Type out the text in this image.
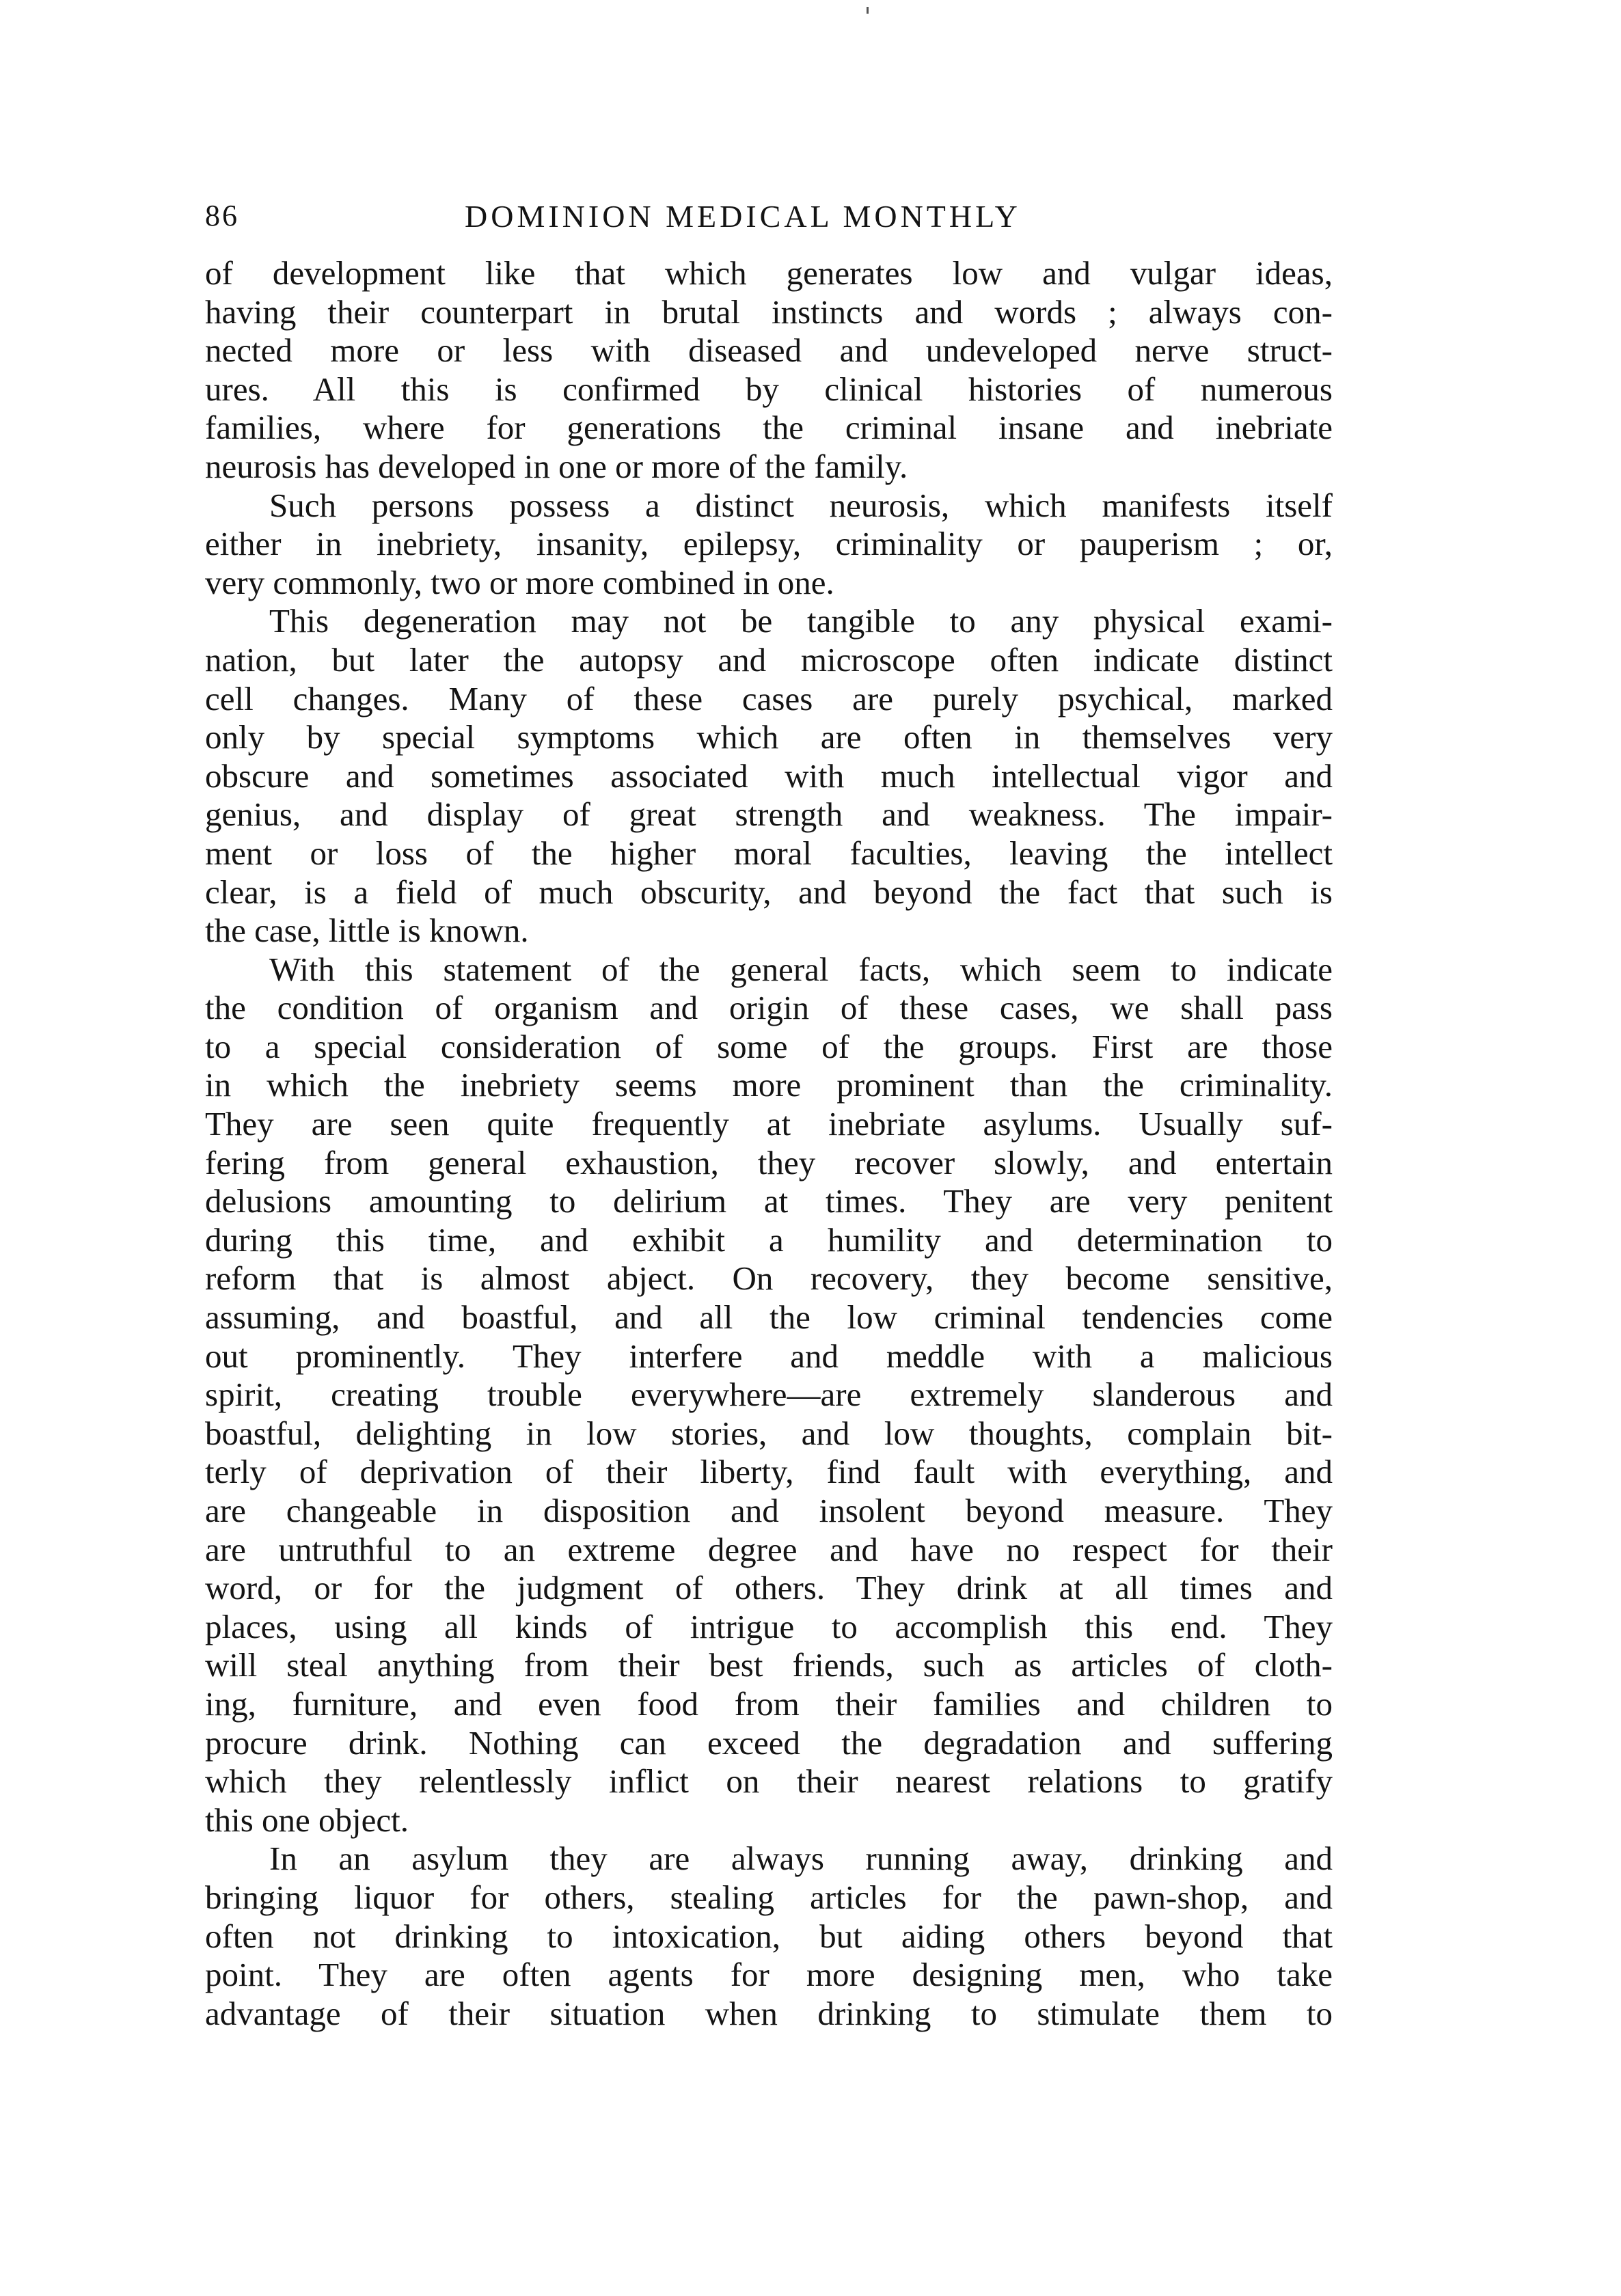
86	DOMINION MEDICAL MONTHLY
of development like that which generates low and vulgar ideas,
having their counterpart in brutal instincts and words ; always con-
nected more or less with diseased and undeveloped nerve struct-
ures. All this is confirmed by clinical histories of numerous
families, where for generations the criminal insane and inebriate
neurosis has developed in one or more of the family.
Such persons possess a distinct neurosis, which manifests itself
either in inebriety, insanity, epilepsy, criminality or pauperism ; or,
very commonly, two or more combined in one.
This degeneration may not be tangible to any physical exami-
nation, but later the autopsy and microscope often indicate distinct
cell changes. Many of these cases are purely psychical, marked
only by special symptoms which are often in themselves very
obscure and sometimes associated with much intellectual vigor and
genius, and display of great strength and weakness. The impair-
ment or loss of the higher moral faculties, leaving the intellect
clear, is a field of much obscurity, and beyond the fact that such is
the case, little is known.
With this statement of the general facts, which seem to indicate
the condition of organism and origin of these cases, we shall pass
to a special consideration of some of the groups. First are those
in which the inebriety seems more prominent than the criminality.
They are seen quite frequently at inebriate asylums. Usually suf-
fering from general exhaustion, they recover slowly, and entertain
delusions amounting to delirium at times. They are very penitent
during this time, and exhibit a humility and determination to
reform that is almost abject. On recovery, they become sensitive,
assuming, and boastful, and all the low criminal tendencies come
out prominently. They interfere and meddle with a malicious
spirit, creating trouble everywhere—are extremely slanderous and
boastful, delighting in low stories, and low thoughts, complain bit-
terly of deprivation of their liberty, find fault with everything, and
are changeable in disposition and insolent beyond measure. They
are untruthful to an extreme degree and have no respect for their
word, or for the judgment of others. They drink at all times and
places, using all kinds of intrigue to accomplish this end. They
will steal anything from their best friends, such as articles of cloth-
ing, furniture, and even food from their families and children to
procure drink. Nothing can exceed the degradation and suffering
which they relentlessly inflict on their nearest relations to gratify
this one object.
In an asylum they are always running away, drinking and
bringing liquor for others, stealing articles for the pawn-shop, and
often not drinking to intoxication, but aiding others beyond that
point. They are often agents for more designing men, who take
advantage of their situation when drinking to stimulate them to
